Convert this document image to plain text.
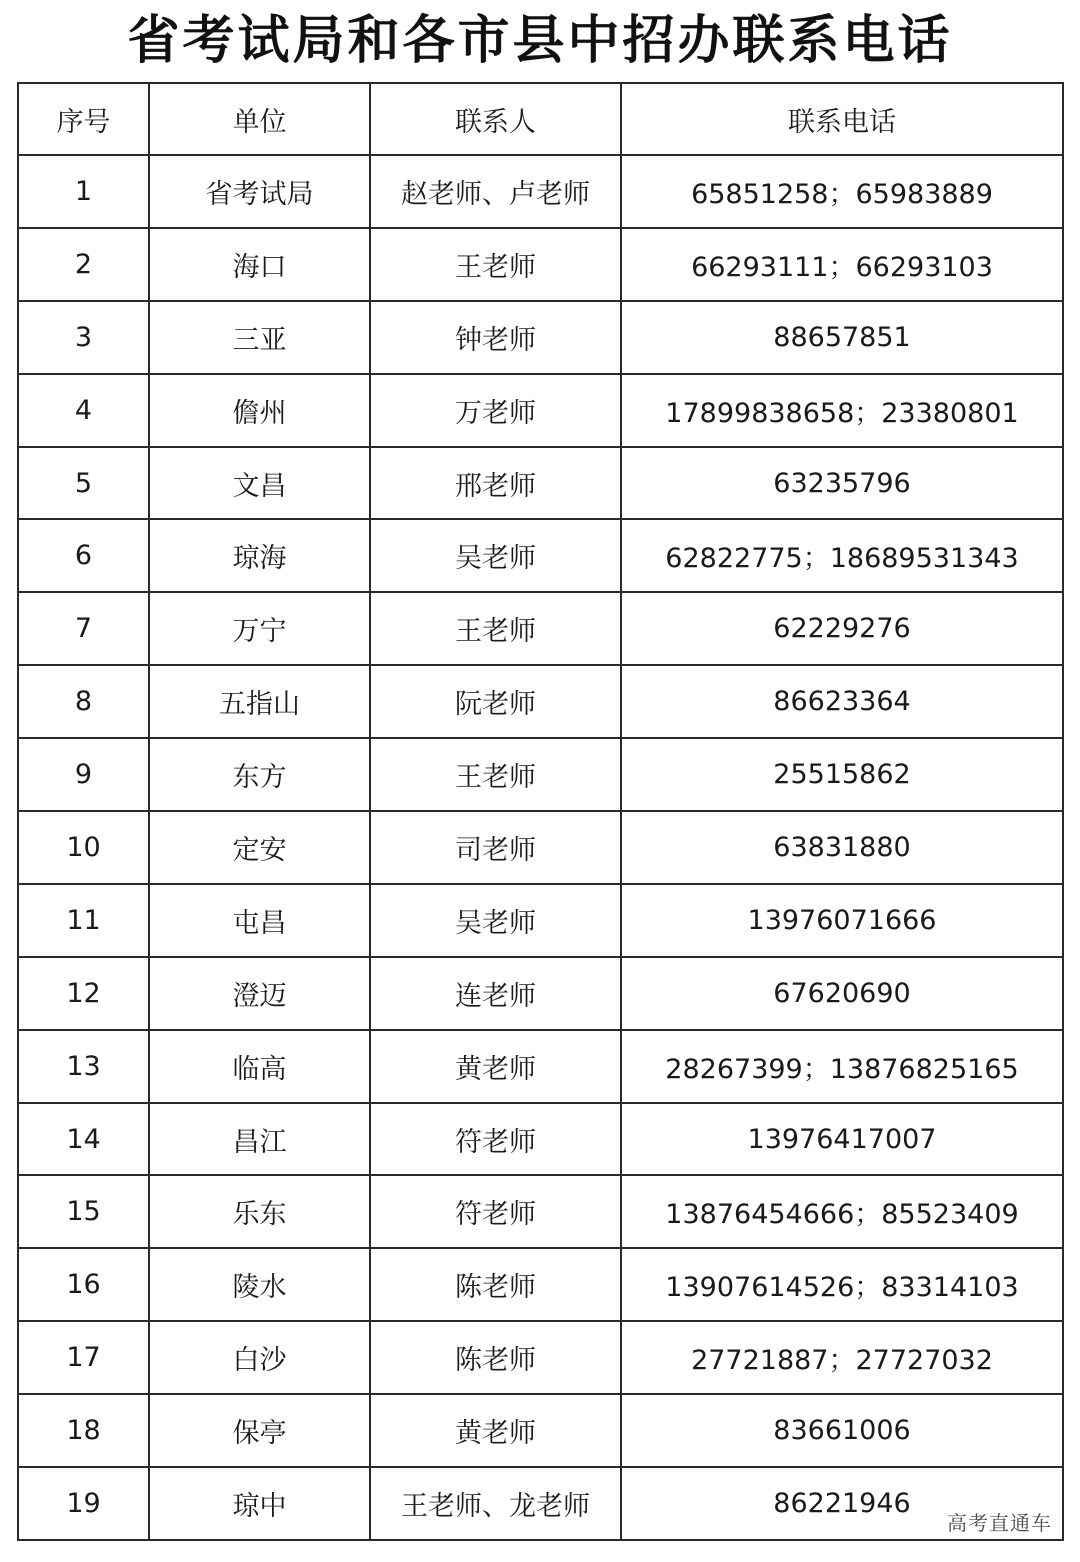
省考试局和各市县中招办联系电话
序号	单位	联系人	联系电话
1	省考试局	赵老师、卢老师	65851258；65983889
2	海口	王老师	66293111；66293103
3	三亚	钟老师	88657851
4	儋州	万老师	17899838658；23380801
5	文昌	邢老师	63235796
6	琼海	吴老师	62822775；18689531343
7	万宁	王老师	62229276
8	五指山	阮老师	86623364
9	东方	王老师	25515862
10	定安	司老师	63831880
11	屯昌	吴老师	13976071666
12	澄迈	连老师	67620690
13	临高	黄老师	28267399；13876825165
14	昌江	符老师	13976417007
15	乐东	符老师	13876454666；85523409
16	陵水	陈老师	13907614526；83314103
17	白沙	陈老师	27721887；27727032
18	保亭	黄老师	83661006
19	琼中	王老师、龙老师	86221946
高考直通车
